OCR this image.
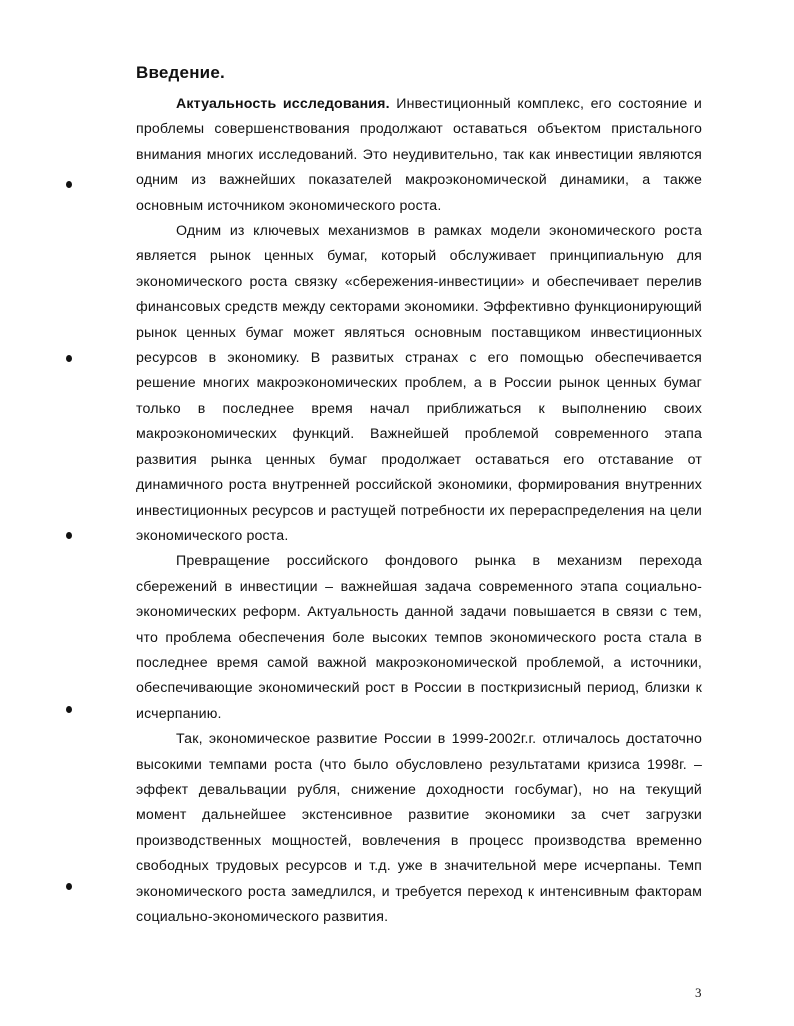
Введение.

Актуальность исследования. Инвестиционный комплекс, его состояние и проблемы совершенствования продолжают оставаться объектом пристального внимания многих исследований. Это неудивительно, так как инвестиции являются одним из важнейших показателей макроэкономической динамики, а также основным источником экономического роста.

Одним из ключевых механизмов в рамках модели экономического роста является рынок ценных бумаг, который обслуживает принципиальную для экономического роста связку «сбережения-инвестиции» и обеспечивает перелив финансовых средств между секторами экономики. Эффективно функционирующий рынок ценных бумаг может являться основным поставщиком инвестиционных ресурсов в экономику. В развитых странах с его помощью обеспечивается решение многих макроэкономических проблем, а в России рынок ценных бумаг только в последнее время начал приближаться к выполнению своих макроэкономических функций. Важнейшей проблемой современного этапа развития рынка ценных бумаг продолжает оставаться его отставание от динамичного роста внутренней российской экономики, формирования внутренних инвестиционных ресурсов и растущей потребности их перераспределения на цели экономического роста.

Превращение российского фондового рынка в механизм перехода сбережений в инвестиции – важнейшая задача современного этапа социально-экономических реформ. Актуальность данной задачи повышается в связи с тем, что проблема обеспечения боле высоких темпов экономического роста стала в последнее время самой важной макроэкономической проблемой, а источники, обеспечивающие экономический рост в России в посткризисный период, близки к исчерпанию.

Так, экономическое развитие России в 1999-2002г.г. отличалось достаточно высокими темпами роста (что было обусловлено результатами кризиса 1998г. – эффект девальвации рубля, снижение доходности госбумаг), но на текущий момент дальнейшее экстенсивное развитие экономики за счет загрузки производственных мощностей, вовлечения в процесс производства временно свободных трудовых ресурсов и т.д. уже в значительной мере исчерпаны. Темп экономического роста замедлился, и требуется переход к интенсивным факторам социально-экономического развития.

3
